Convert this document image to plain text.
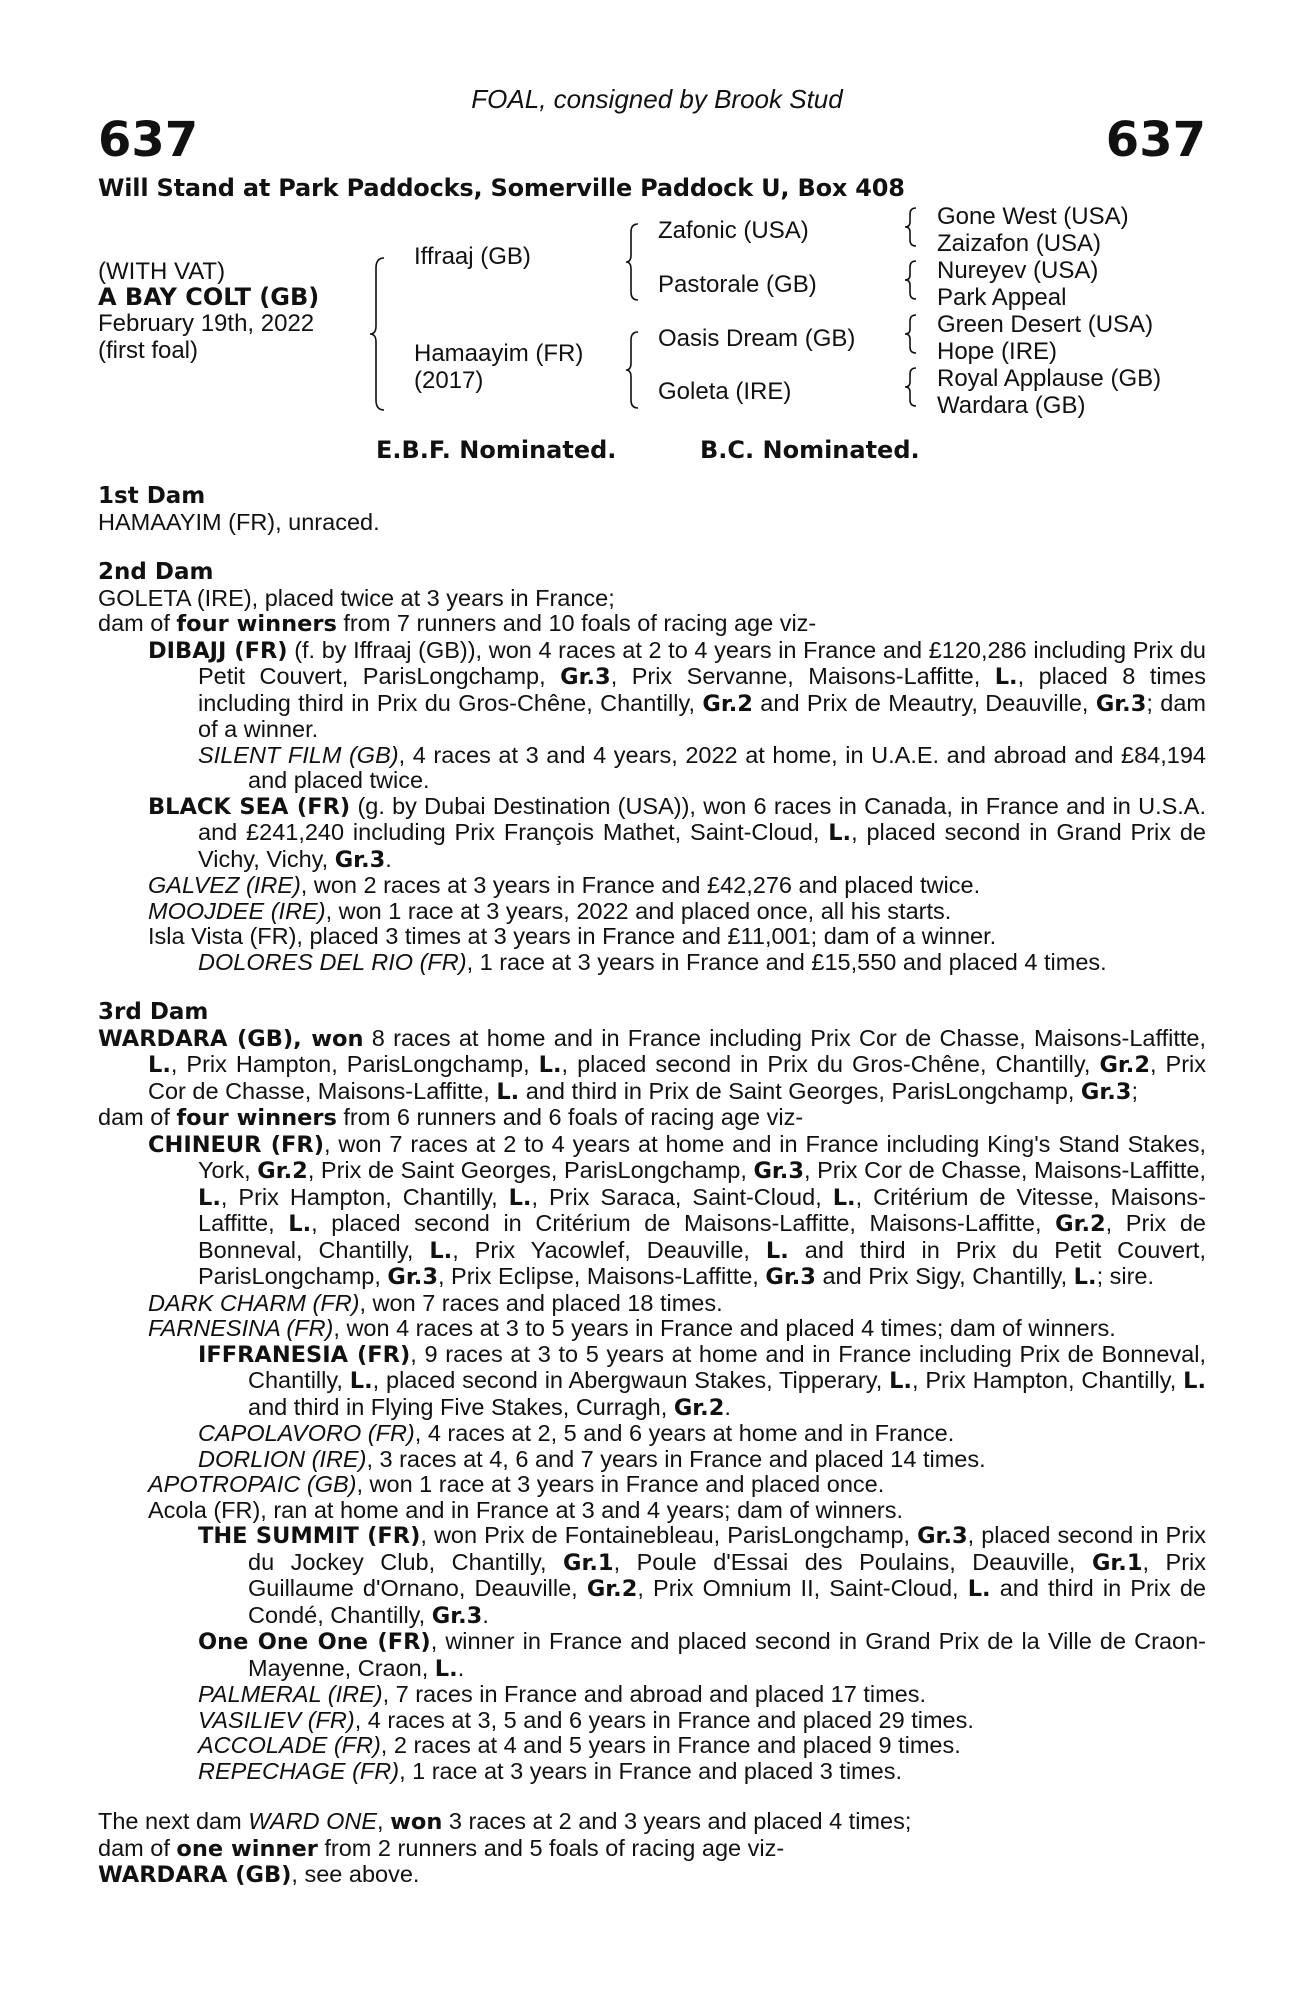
FOAL, consigned by Brook Stud
637	637
Will Stand at Park Paddocks, Somerville Paddock U, Box 408
(WITH VAT)
A BAY COLT (GB)
February 19th, 2022
(first foal)
Iffraaj (GB)
Hamaayim (FR)
(2017)
Zafonic (USA)
Pastorale (GB)
Oasis Dream (GB)
Goleta (IRE)
Gone West (USA)
Zaizafon (USA)
Nureyev (USA)
Park Appeal
Green Desert (USA)
Hope (IRE)
Royal Applause (GB)
Wardara (GB)
E.B.F. Nominated.	B.C. Nominated.
1st Dam
HAMAAYIM (FR), unraced.
2nd Dam
GOLETA (IRE), placed twice at 3 years in France;
dam of four winners from 7 runners and 10 foals of racing age viz-
DIBAJJ (FR) (f. by Iffraaj (GB)), won 4 races at 2 to 4 years in France and £120,286 including Prix du Petit Couvert, ParisLongchamp, Gr.3, Prix Servanne, Maisons-Laffitte, L., placed 8 times including third in Prix du Gros-Chêne, Chantilly, Gr.2 and Prix de Meautry, Deauville, Gr.3; dam of a winner.
SILENT FILM (GB), 4 races at 3 and 4 years, 2022 at home, in U.A.E. and abroad and £84,194 and placed twice.
BLACK SEA (FR) (g. by Dubai Destination (USA)), won 6 races in Canada, in France and in U.S.A. and £241,240 including Prix François Mathet, Saint-Cloud, L., placed second in Grand Prix de Vichy, Vichy, Gr.3.
GALVEZ (IRE), won 2 races at 3 years in France and £42,276 and placed twice.
MOOJDEE (IRE), won 1 race at 3 years, 2022 and placed once, all his starts.
Isla Vista (FR), placed 3 times at 3 years in France and £11,001; dam of a winner.
DOLORES DEL RIO (FR), 1 race at 3 years in France and £15,550 and placed 4 times.
3rd Dam
WARDARA (GB), won 8 races at home and in France including Prix Cor de Chasse, Maisons-Laffitte, L., Prix Hampton, ParisLongchamp, L., placed second in Prix du Gros-Chêne, Chantilly, Gr.2, Prix Cor de Chasse, Maisons-Laffitte, L. and third in Prix de Saint Georges, ParisLongchamp, Gr.3;
dam of four winners from 6 runners and 6 foals of racing age viz-
CHINEUR (FR), won 7 races at 2 to 4 years at home and in France including King's Stand Stakes, York, Gr.2, Prix de Saint Georges, ParisLongchamp, Gr.3, Prix Cor de Chasse, Maisons-Laffitte, L., Prix Hampton, Chantilly, L., Prix Saraca, Saint-Cloud, L., Critérium de Vitesse, Maisons-Laffitte, L., placed second in Critérium de Maisons-Laffitte, Maisons-Laffitte, Gr.2, Prix de Bonneval, Chantilly, L., Prix Yacowlef, Deauville, L. and third in Prix du Petit Couvert, ParisLongchamp, Gr.3, Prix Eclipse, Maisons-Laffitte, Gr.3 and Prix Sigy, Chantilly, L.; sire.
DARK CHARM (FR), won 7 races and placed 18 times.
FARNESINA (FR), won 4 races at 3 to 5 years in France and placed 4 times; dam of winners.
IFFRANESIA (FR), 9 races at 3 to 5 years at home and in France including Prix de Bonneval, Chantilly, L., placed second in Abergwaun Stakes, Tipperary, L., Prix Hampton, Chantilly, L. and third in Flying Five Stakes, Curragh, Gr.2.
CAPOLAVORO (FR), 4 races at 2, 5 and 6 years at home and in France.
DORLION (IRE), 3 races at 4, 6 and 7 years in France and placed 14 times.
APOTROPAIC (GB), won 1 race at 3 years in France and placed once.
Acola (FR), ran at home and in France at 3 and 4 years; dam of winners.
THE SUMMIT (FR), won Prix de Fontainebleau, ParisLongchamp, Gr.3, placed second in Prix du Jockey Club, Chantilly, Gr.1, Poule d'Essai des Poulains, Deauville, Gr.1, Prix Guillaume d'Ornano, Deauville, Gr.2, Prix Omnium II, Saint-Cloud, L. and third in Prix de Condé, Chantilly, Gr.3.
One One One (FR), winner in France and placed second in Grand Prix de la Ville de Craon-Mayenne, Craon, L..
PALMERAL (IRE), 7 races in France and abroad and placed 17 times.
VASILIEV (FR), 4 races at 3, 5 and 6 years in France and placed 29 times.
ACCOLADE (FR), 2 races at 4 and 5 years in France and placed 9 times.
REPECHAGE (FR), 1 race at 3 years in France and placed 3 times.
The next dam WARD ONE, won 3 races at 2 and 3 years and placed 4 times;
dam of one winner from 2 runners and 5 foals of racing age viz-
WARDARA (GB), see above.
